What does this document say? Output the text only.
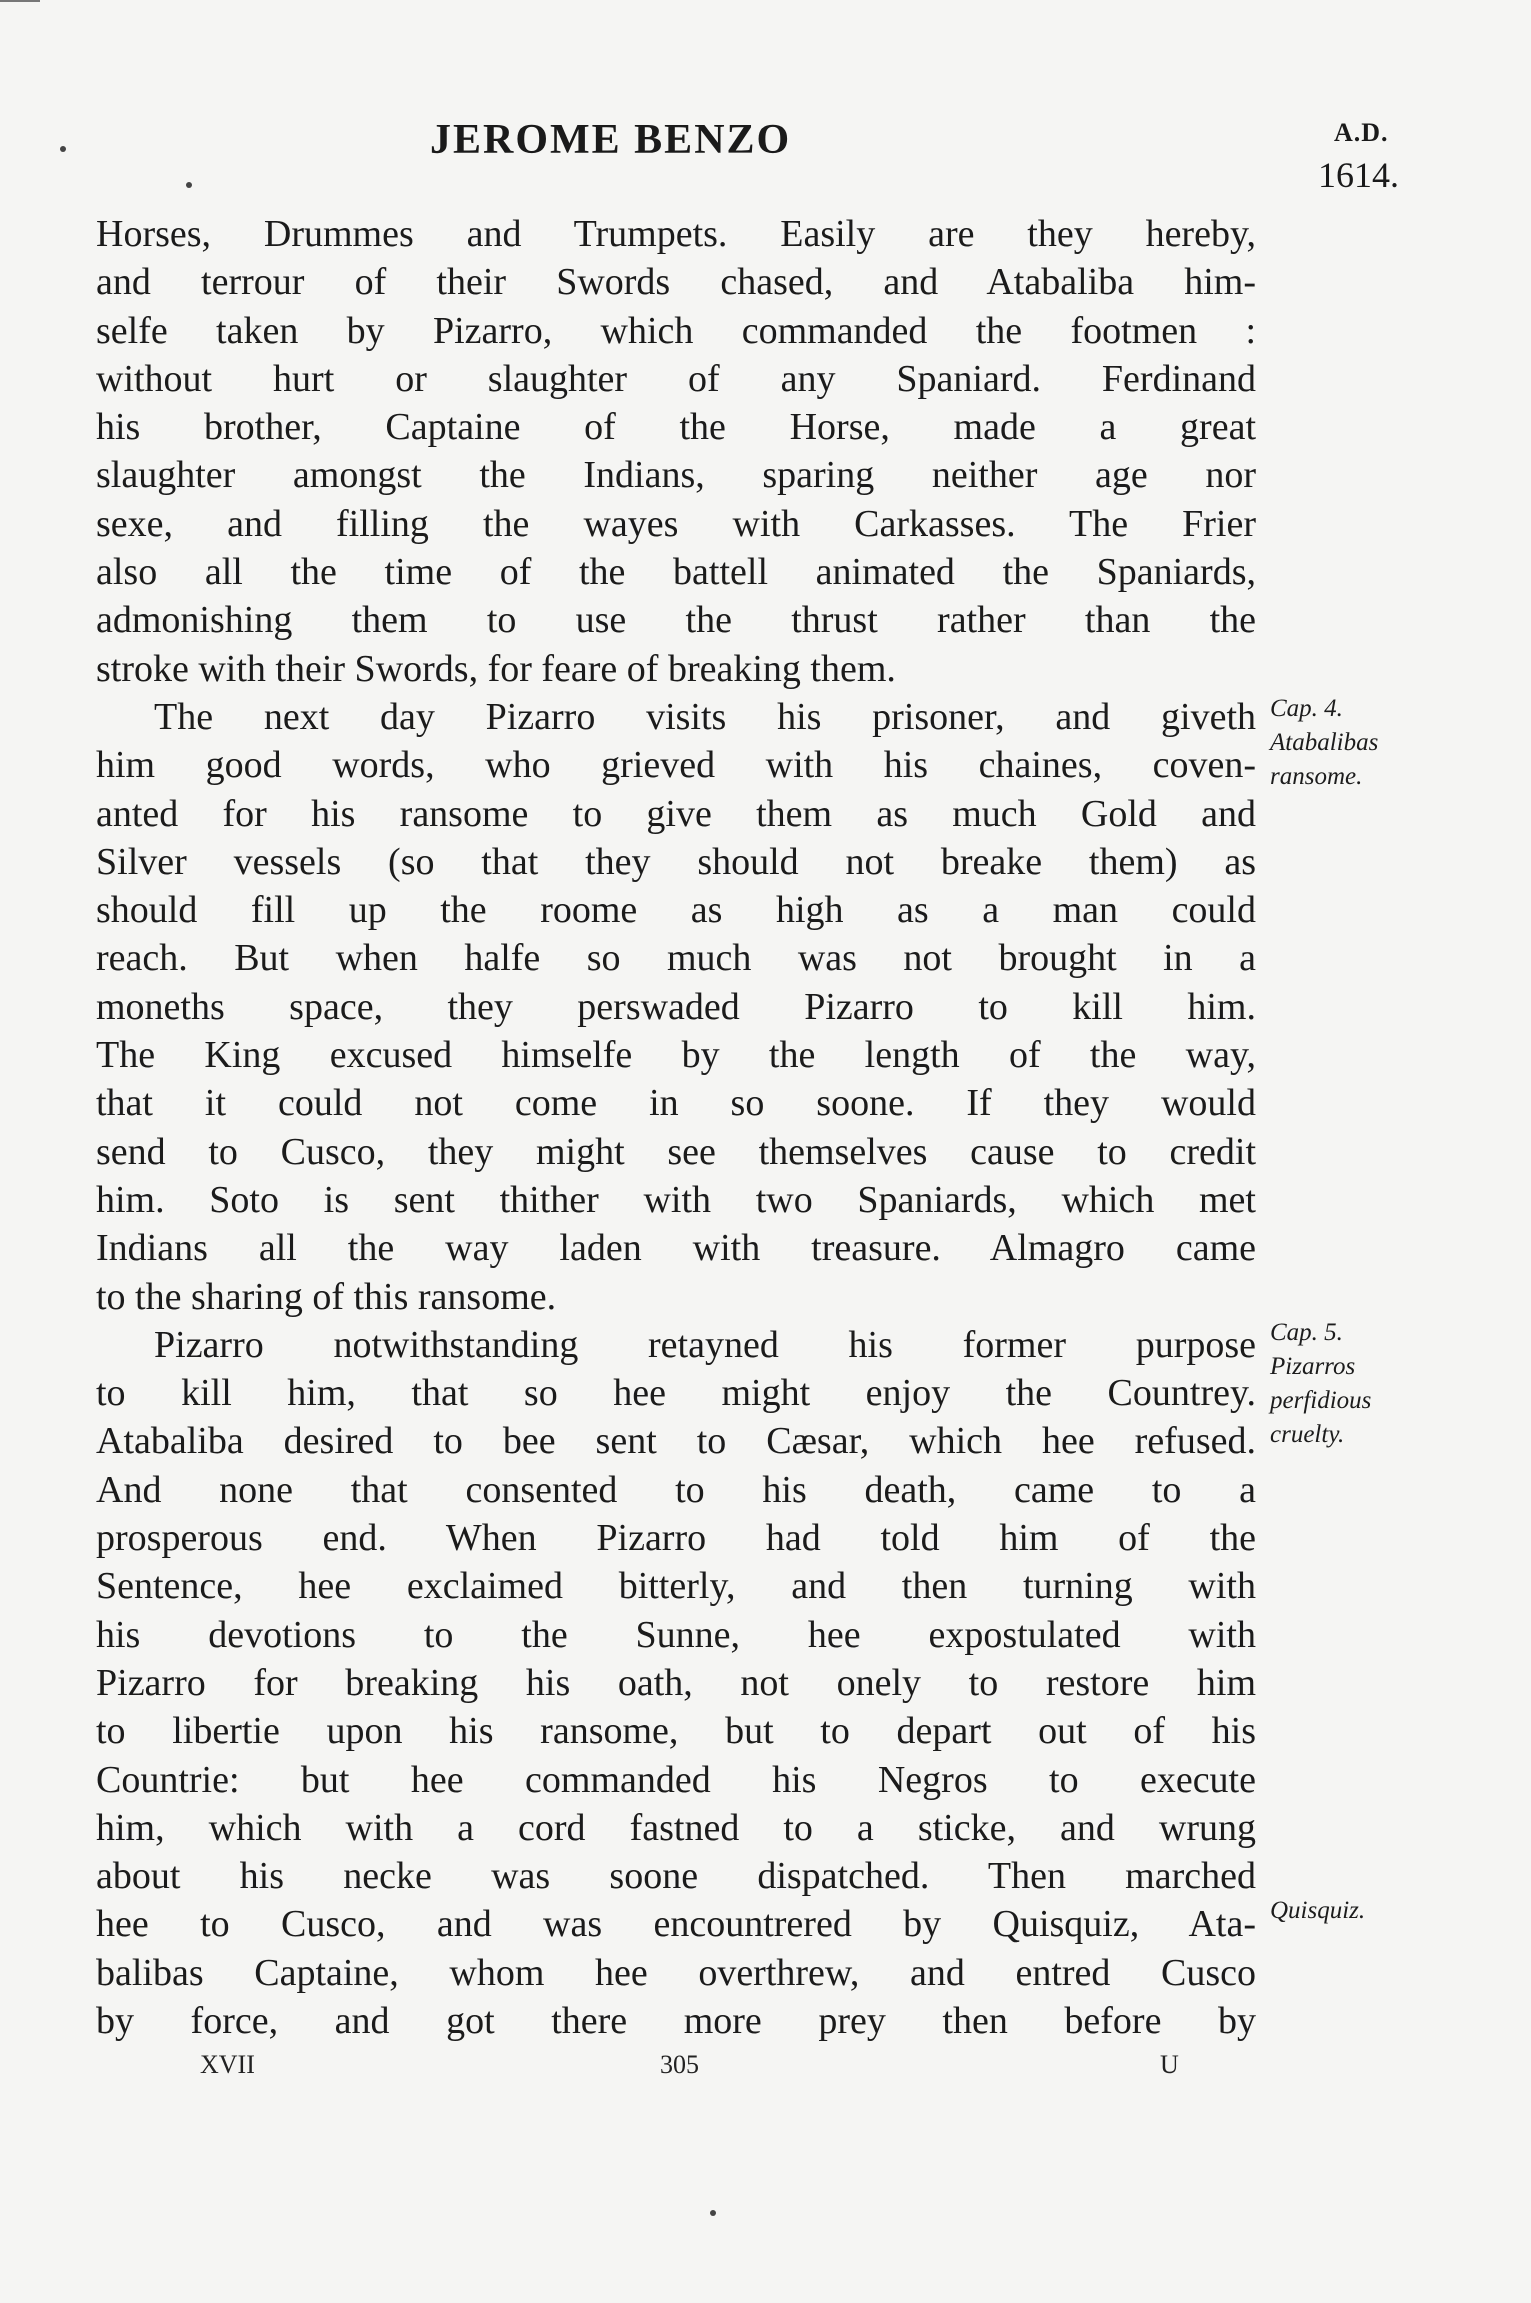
JEROME BENZO	A.D.
1614.
Horses, Drummes and Trumpets. Easily are they hereby,
and terrour of their Swords chased, and Atabaliba him-
selfe taken by Pizarro, which commanded the footmen :
without hurt or slaughter of any Spaniard. Ferdinand
his brother, Captaine of the Horse, made a great
slaughter amongst the Indians, sparing neither age nor
sexe, and filling the wayes with Carkasses. The Frier
also all the time of the battell animated the Spaniards,
admonishing them to use the thrust rather than the
stroke with their Swords, for feare of breaking them.
The next day Pizarro visits his prisoner, and giveth
him good words, who grieved with his chaines, coven-
anted for his ransome to give them as much Gold and
Silver vessels (so that they should not breake them) as
should fill up the roome as high as a man could
reach. But when halfe so much was not brought in a
moneths space, they perswaded Pizarro to kill him.
The King excused himselfe by the length of the way,
that it could not come in so soone. If they would
send to Cusco, they might see themselves cause to credit
him. Soto is sent thither with two Spaniards, which met
Indians all the way laden with treasure. Almagro came
to the sharing of this ransome.
Pizarro notwithstanding retayned his former purpose
to kill him, that so hee might enjoy the Countrey.
Atabaliba desired to bee sent to Cæsar, which hee refused.
And none that consented to his death, came to a
prosperous end. When Pizarro had told him of the
Sentence, hee exclaimed bitterly, and then turning with
his devotions to the Sunne, hee expostulated with
Pizarro for breaking his oath, not onely to restore him
to libertie upon his ransome, but to depart out of his
Countrie: but hee commanded his Negros to execute
him, which with a cord fastned to a sticke, and wrung
about his necke was soone dispatched. Then marched
hee to Cusco, and was encountrered by Quisquiz, Ata-
balibas Captaine, whom hee overthrew, and entred Cusco
by force, and got there more prey then before by
Cap. 4.
Atabalibas
ransome.
Cap. 5.
Pizarros
perfidious
cruelty.
Quisquiz.
XVII	305	U
